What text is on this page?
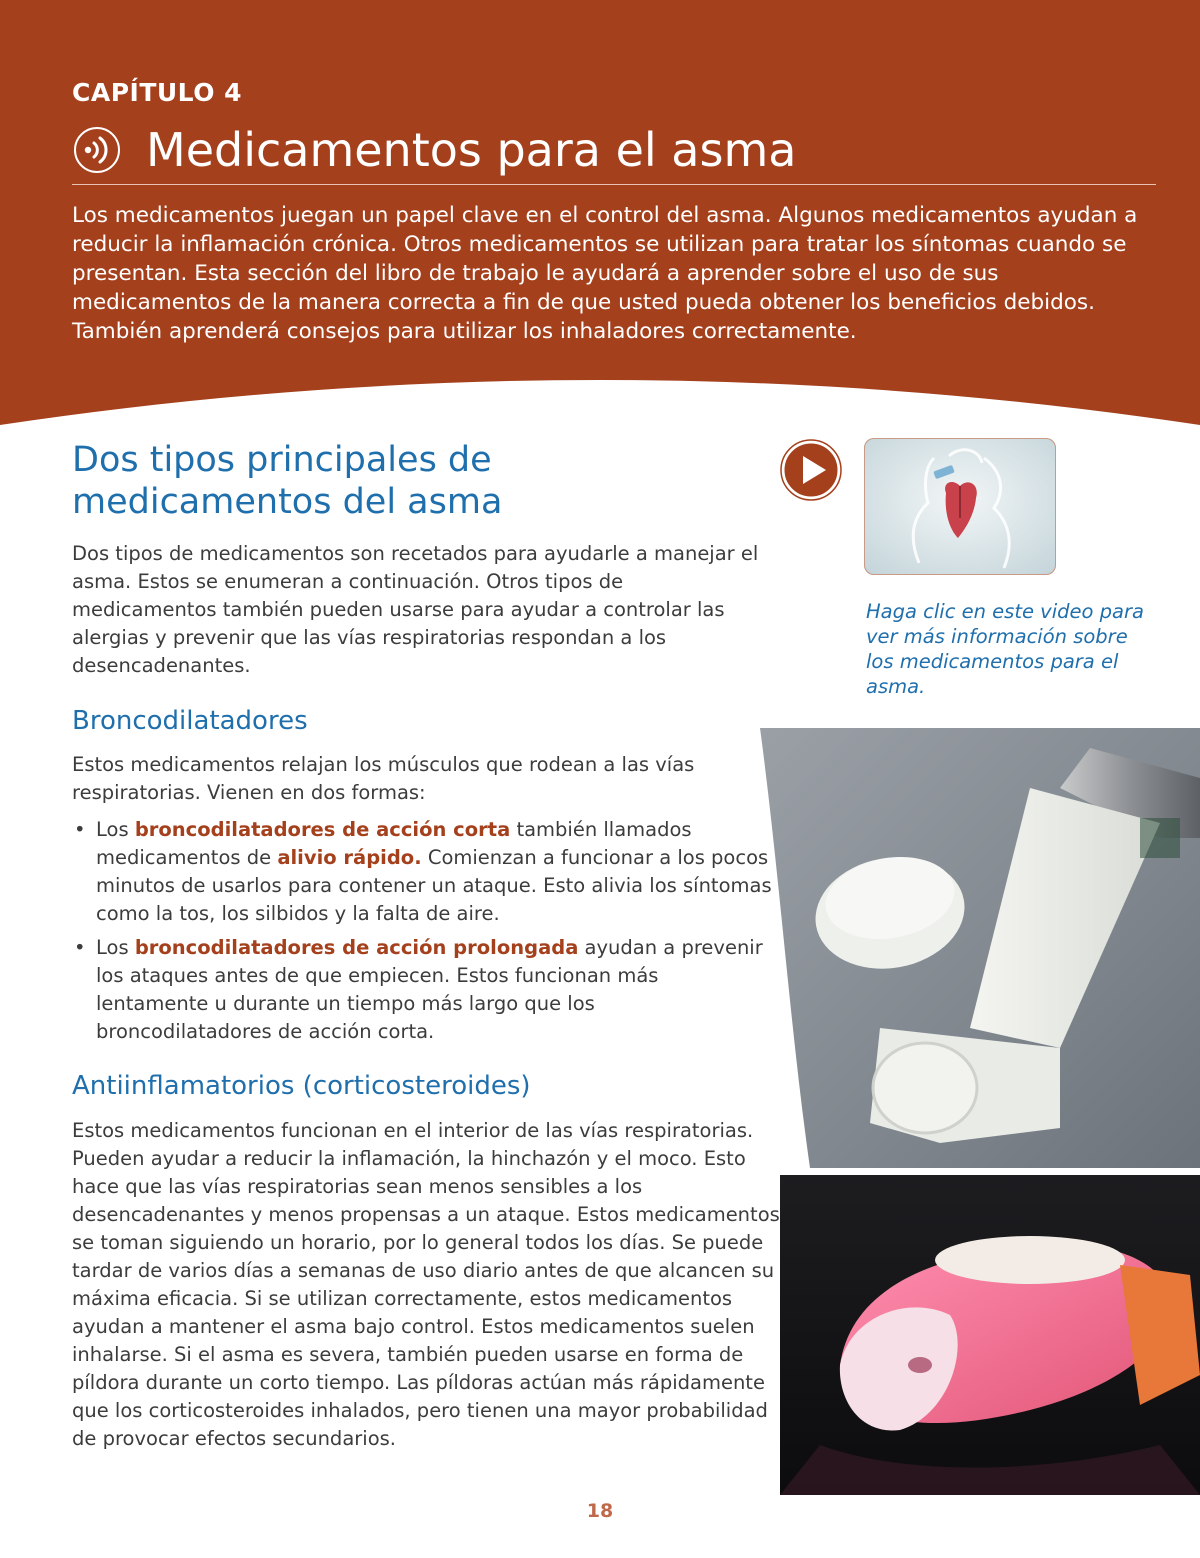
CAPÍTULO 4
Medicamentos para el asma

Los medicamentos juegan un papel clave en el control del asma. Algunos medicamentos ayudan a reducir la inflamación crónica. Otros medicamentos se utilizan para tratar los síntomas cuando se presentan. Esta sección del libro de trabajo le ayudará a aprender sobre el uso de sus medicamentos de la manera correcta a fin de que usted pueda obtener los beneficios debidos. También aprenderá consejos para utilizar los inhaladores correctamente.

Dos tipos principales de medicamentos del asma

Dos tipos de medicamentos son recetados para ayudarle a manejar el asma. Estos se enumeran a continuación. Otros tipos de medicamentos también pueden usarse para ayudar a controlar las alergias y prevenir que las vías respiratorias respondan a los desencadenantes.

Broncodilatadores

Estos medicamentos relajan los músculos que rodean a las vías respiratorias. Vienen en dos formas:

• Los broncodilatadores de acción corta también llamados medicamentos de alivio rápido. Comienzan a funcionar a los pocos minutos de usarlos para contener un ataque. Esto alivia los síntomas como la tos, los silbidos y la falta de aire.
• Los broncodilatadores de acción prolongada ayudan a prevenir los ataques antes de que empiecen. Estos funcionan más lentamente u durante un tiempo más largo que los broncodilatadores de acción corta.
Antiinflamatorios (corticosteroides)

Estos medicamentos funcionan en el interior de las vías respiratorias. Pueden ayudar a reducir la inflamación, la hinchazón y el moco. Esto hace que las vías respiratorias sean menos sensibles a los desencadenantes y menos propensas a un ataque. Estos medicamentos se toman siguiendo un horario, por lo general todos los días. Se puede tardar de varios días a semanas de uso diario antes de que alcancen su máxima eficacia. Si se utilizan correctamente, estos medicamentos ayudan a mantener el asma bajo control. Estos medicamentos suelen inhalarse. Si el asma es severa, también pueden usarse en forma de píldora durante un corto tiempo. Las píldoras actúan más rápidamente que los corticosteroides inhalados, pero tienen una mayor probabilidad de provocar efectos secundarios.

18

Haga clic en este video para ver más información sobre los medicamentos para el asma.
